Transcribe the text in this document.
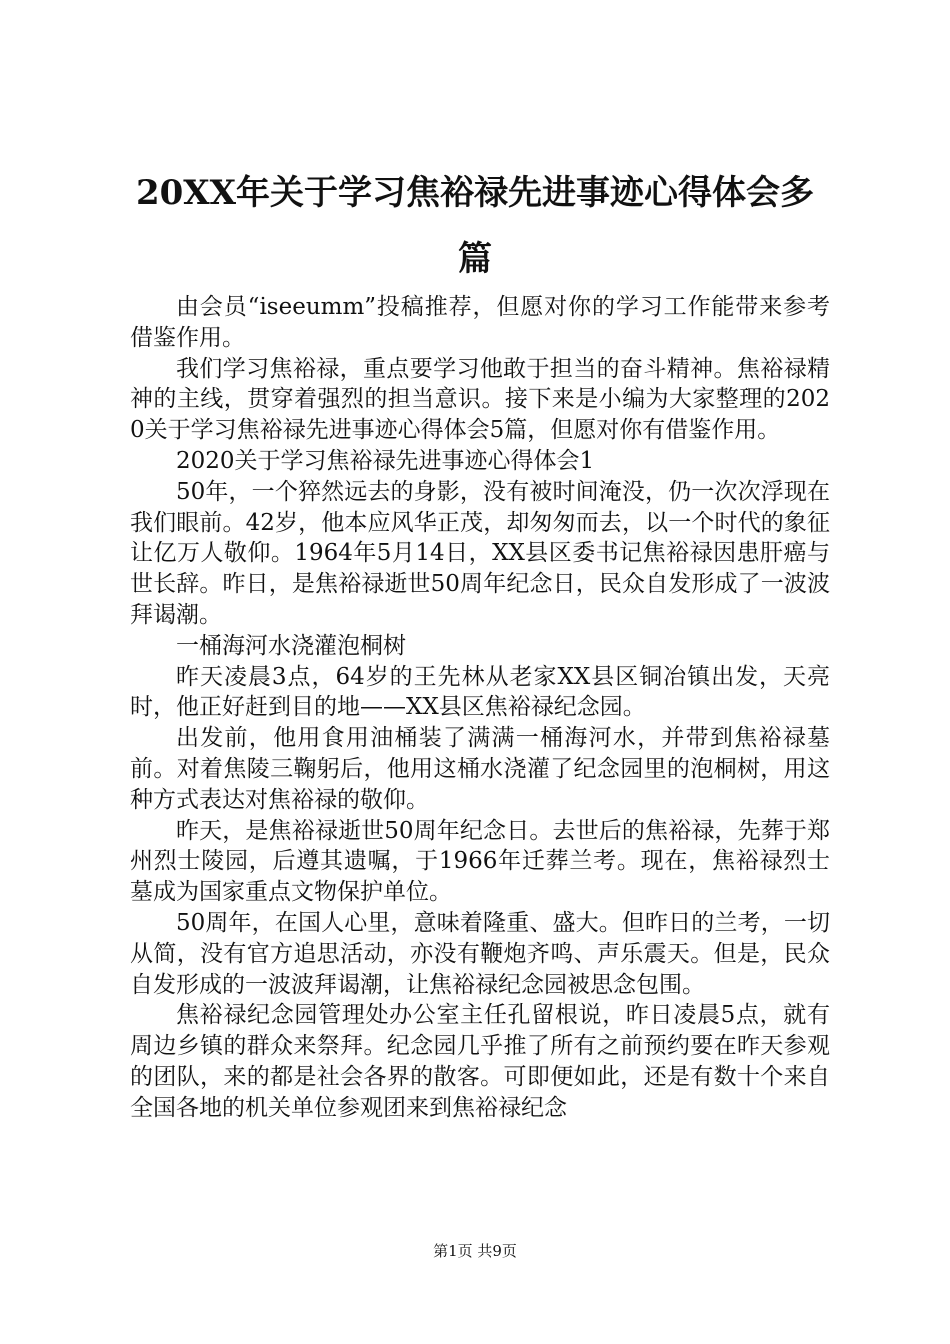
20XX年关于学习焦裕禄先进事迹心得体会多篇

由会员“iseeumm”投稿推荐，但愿对你的学习工作能带来参考借鉴作用。

我们学习焦裕禄，重点要学习他敢于担当的奋斗精神。焦裕禄精神的主线，贯穿着强烈的担当意识。接下来是小编为大家整理的2020关于学习焦裕禄先进事迹心得体会5篇，但愿对你有借鉴作用。

2020关于学习焦裕禄先进事迹心得体会1

50年，一个猝然远去的身影，没有被时间淹没，仍一次次浮现在我们眼前。42岁，他本应风华正茂，却匆匆而去，以一个时代的象征让亿万人敬仰。1964年5月14日，XX县区委书记焦裕禄因患肝癌与世长辞。昨日，是焦裕禄逝世50周年纪念日，民众自发形成了一波波拜谒潮。

一桶海河水浇灌泡桐树

昨天凌晨3点，64岁的王先林从老家XX县区铜冶镇出发，天亮时，他正好赶到目的地——XX县区焦裕禄纪念园。

出发前，他用食用油桶装了满满一桶海河水，并带到焦裕禄墓前。对着焦陵三鞠躬后，他用这桶水浇灌了纪念园里的泡桐树，用这种方式表达对焦裕禄的敬仰。

昨天，是焦裕禄逝世50周年纪念日。去世后的焦裕禄，先葬于郑州烈士陵园，后遵其遗嘱，于1966年迁葬兰考。现在，焦裕禄烈士墓成为国家重点文物保护单位。

50周年，在国人心里，意味着隆重、盛大。但昨日的兰考，一切从简，没有官方追思活动，亦没有鞭炮齐鸣、声乐震天。但是，民众自发形成的一波波拜谒潮，让焦裕禄纪念园被思念包围。

焦裕禄纪念园管理处办公室主任孔留根说，昨日凌晨5点，就有周边乡镇的群众来祭拜。纪念园几乎推了所有之前预约要在昨天参观的团队，来的都是社会各界的散客。可即便如此，还是有数十个来自全国各地的机关单位参观团来到焦裕禄纪念

第1页 共9页
